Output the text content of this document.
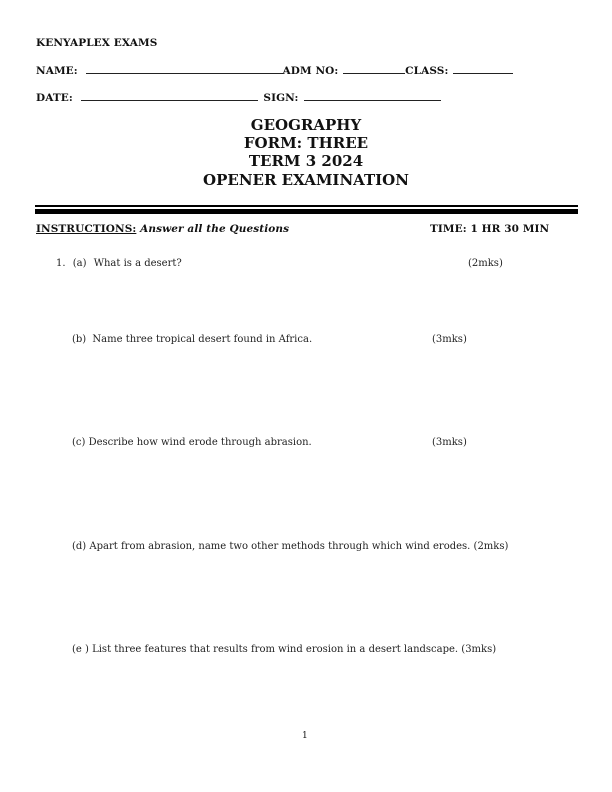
KENYAPLEX EXAMS
NAME:	ADM NO:	CLASS:
DATE:	SIGN:
GEOGRAPHY
FORM: THREE
TERM 3 2024
OPENER EXAMINATION
INSTRUCTIONS: Answer all the Questions	TIME: 1 HR 30 MIN
1. (a) What is a desert?	(2mks)
(b) Name three tropical desert found in Africa.	(3mks)
(c) Describe how wind erode through abrasion.	(3mks)
(d) Apart from abrasion, name two other methods through which wind erodes. (2mks)
(e ) List three features that results from wind erosion in a desert landscape. (3mks)
1
